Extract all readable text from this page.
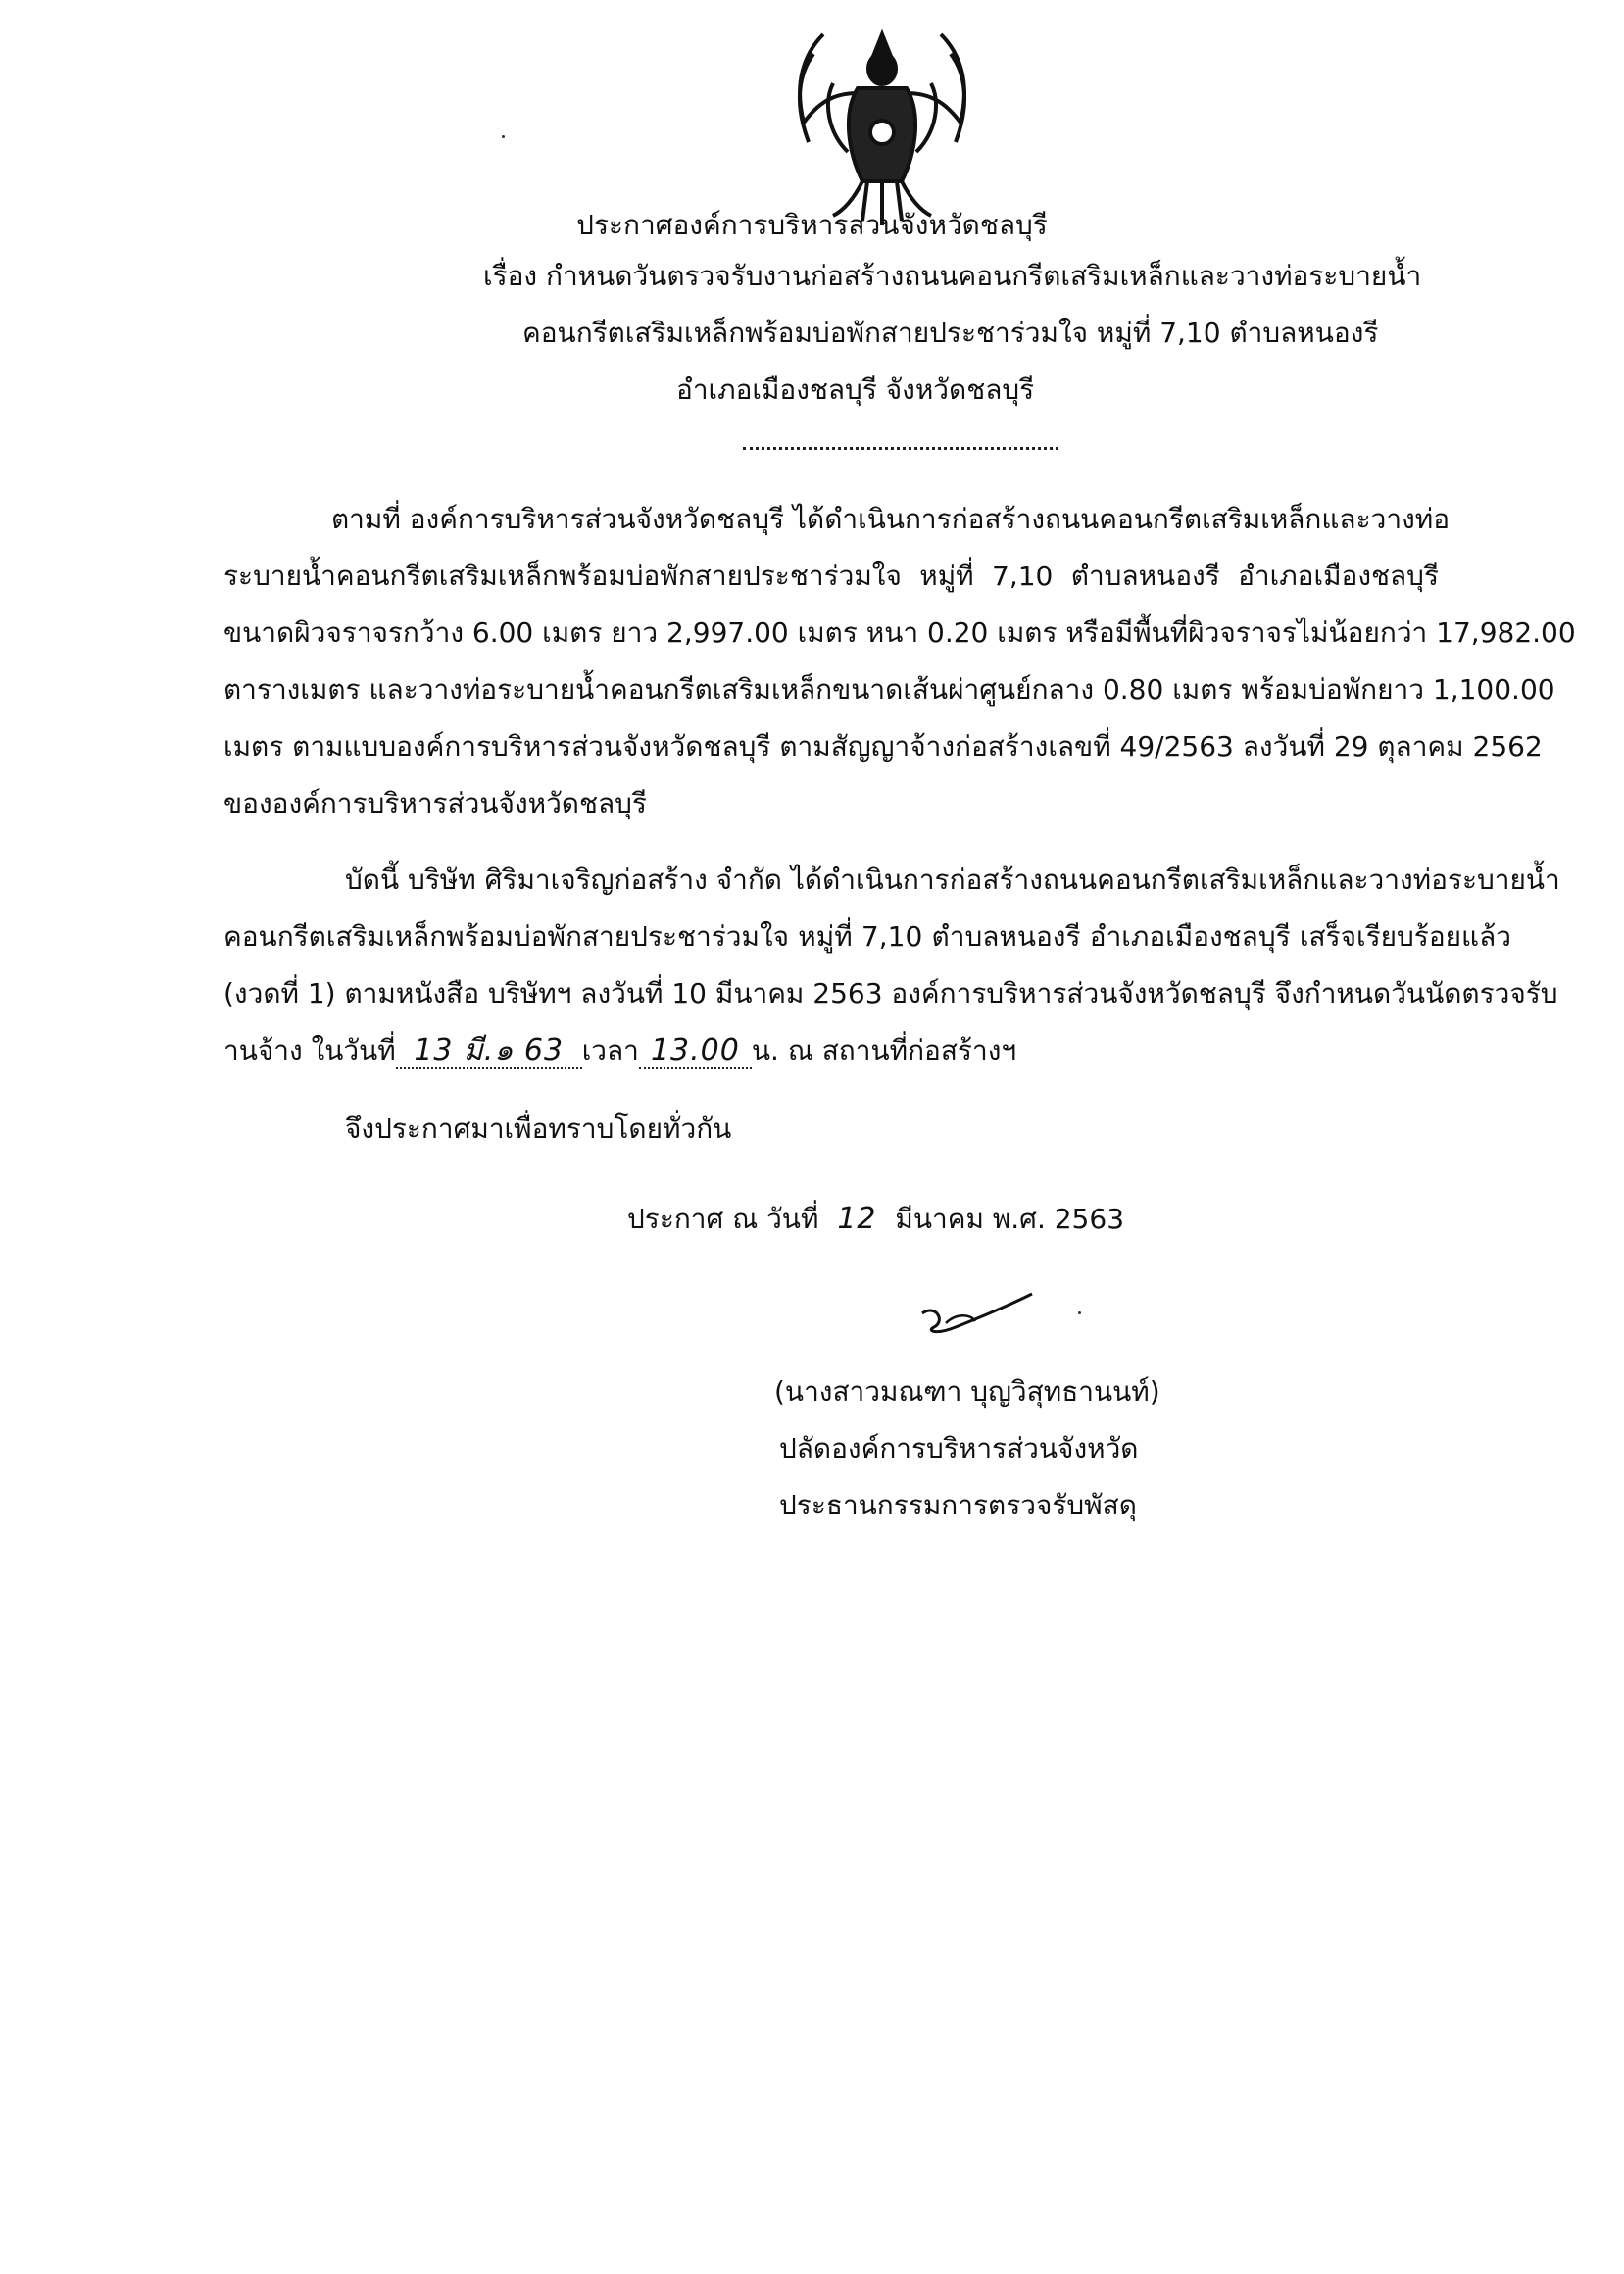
ประกาศองค์การบริหารส่วนจังหวัดชลบุรี
เรื่อง กำหนดวันตรวจรับงานก่อสร้างถนนคอนกรีตเสริมเหล็กและวางท่อระบายน้ำ
คอนกรีตเสริมเหล็กพร้อมบ่อพักสายประชาร่วมใจ หมู่ที่ 7,10 ตำบลหนองรี
อำเภอเมืองชลบุรี จังหวัดชลบุรี
ตามที่ องค์การบริหารส่วนจังหวัดชลบุรี ได้ดำเนินการก่อสร้างถนนคอนกรีตเสริมเหล็กและวางท่อ
ระบายน้ำคอนกรีตเสริมเหล็กพร้อมบ่อพักสายประชาร่วมใจ หมู่ที่ 7,10 ตำบลหนองรี อำเภอเมืองชลบุรี
ขนาดผิวจราจรกว้าง 6.00 เมตร ยาว 2,997.00 เมตร หนา 0.20 เมตร หรือมีพื้นที่ผิวจราจรไม่น้อยกว่า 17,982.00
ตารางเมตร และวางท่อระบายน้ำคอนกรีตเสริมเหล็กขนาดเส้นผ่าศูนย์กลาง 0.80 เมตร พร้อมบ่อพักยาว 1,100.00
เมตร ตามแบบองค์การบริหารส่วนจังหวัดชลบุรี ตามสัญญาจ้างก่อสร้างเลขที่ 49/2563 ลงวันที่ 29 ตุลาคม 2562
ขององค์การบริหารส่วนจังหวัดชลบุรี
บัดนี้ บริษัท ศิริมาเจริญก่อสร้าง จำกัด ได้ดำเนินการก่อสร้างถนนคอนกรีตเสริมเหล็กและวางท่อระบายน้ำ
คอนกรีตเสริมเหล็กพร้อมบ่อพักสายประชาร่วมใจ หมู่ที่ 7,10 ตำบลหนองรี อำเภอเมืองชลบุรี เสร็จเรียบร้อยแล้ว
(งวดที่ 1) ตามหนังสือ บริษัทฯ ลงวันที่ 10 มีนาคม 2563 องค์การบริหารส่วนจังหวัดชลบุรี จึงกำหนดวันนัดตรวจรับ
านจ้าง ในวันที่ 13 มี.๑ 63 เวลา 13.00 น. ณ สถานที่ก่อสร้างฯ
จึงประกาศมาเพื่อทราบโดยทั่วกัน
ประกาศ ณ วันที่ 12 มีนาคม พ.ศ. 2563
(นางสาวมณฑา บุญวิสุทธานนท์)
ปลัดองค์การบริหารส่วนจังหวัด
ประธานกรรมการตรวจรับพัสดุ
